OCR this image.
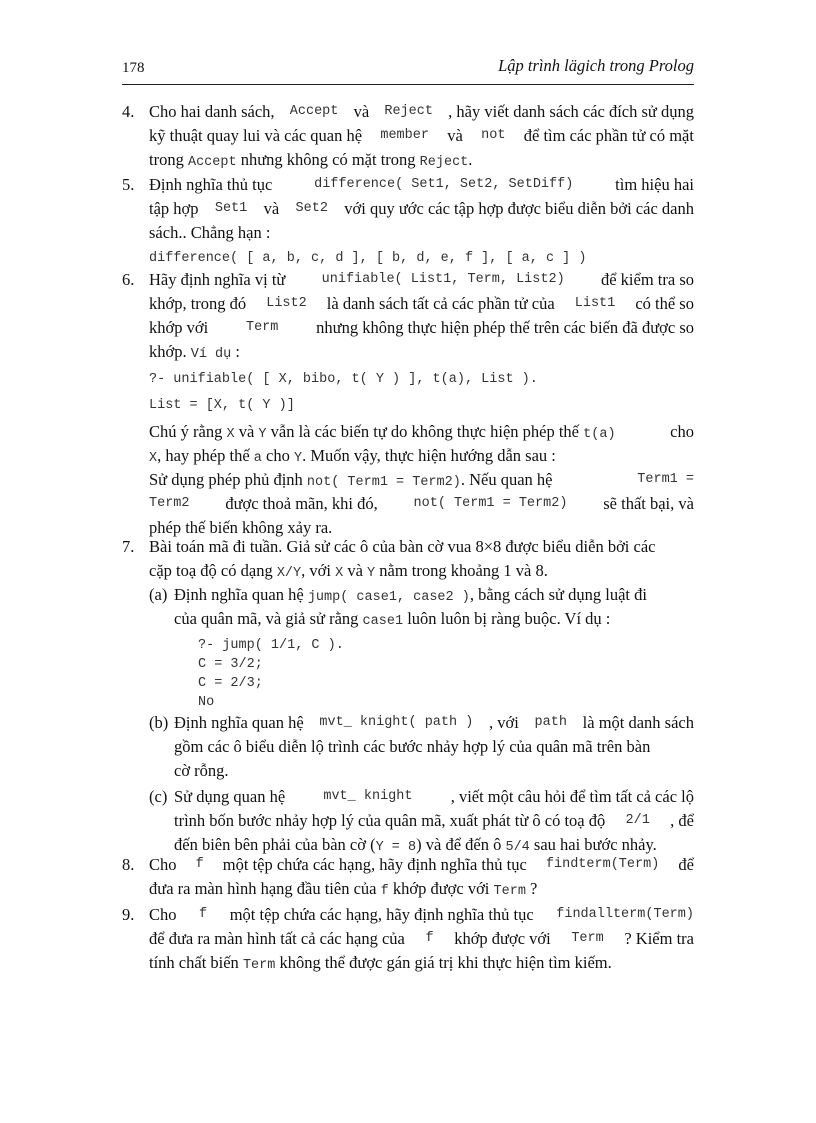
178	Lập trình lägich trong Prolog
4. Cho hai danh sách, Accept và Reject , hãy viết danh sách các đích sử dụng
kỹ thuật quay lui và các quan hệ member và not để tìm các phần tử có mặt
trong Accept nhưng không có mặt trong Reject.
5. Định nghĩa thủ tục	difference( Set1, Set2, SetDiff)	tìm hiệu hai
tập hợp Set1 và Set2 với quy ước các tập hợp được biểu diễn bởi các danh
sách.. Chẳng hạn :
difference( [ a, b, c, d ], [ b, d, e, f ], [ a, c ] )
6. Hãy định nghĩa vị từ	unifiable( List1, Term, List2) để kiểm tra so
khớp, trong đó List2 là danh sách tất cả các phần tử của List1 có thể so
khớp với	Term nhưng không thực hiện phép thế trên các biến đã được so
khớp. Ví dụ :
?- unifiable( [ X, bibo, t( Y ) ], t(a), List ).
List = [X, t( Y )]
Chú ý rằng X và Y vẫn là các biến tự do không thực hiện phép thế t(a)	cho
X, hay phép thế a cho Y. Muốn vậy, thực hiện hướng dẫn sau :
Sử dụng phép phủ định not( Term1 = Term2). Nếu quan hệ	Term1 =
Term2 được thoả mãn, khi đó,	not( Term1 = Term2) sẽ thất bại, và
phép thế biến không xảy ra.
7. Bài toán mã đi tuần. Giả sử các ô của bàn cờ vua 8×8 được biểu diễn bởi các
cặp toạ độ có dạng X/Y, với X và Y nằm trong khoảng 1 và 8.
(a) Định nghĩa quan hệ jump( case1, case2 ), bằng cách sử dụng luật đi
của quân mã, và giả sử rằng case1 luôn luôn bị ràng buộc. Ví dụ :
?- jump( 1/1, C ).
C = 3/2;
C = 2/3;
No
(b) Định nghĩa quan hệ mvt_ knight( path ) , với path là một danh sách
gồm các ô biểu diễn lộ trình các bước nhảy hợp lý của quân mã trên bàn
cờ rỗng.
(c) Sử dụng quan hệ	mvt_ knight , viết một câu hỏi để tìm tất cả các lộ
trình bốn bước nhảy hợp lý của quân mã, xuất phát từ ô có toạ độ 2/1 , để
đến biên bên phải của bàn cờ (Y = 8) và để đến ô 5/4 sau hai bước nhảy.
8. Cho f một tệp chứa các hạng, hãy định nghĩa thủ tục findterm(Term) để
đưa ra màn hình hạng đầu tiên của f khớp được với Term ?
9. Cho f một tệp chứa các hạng, hãy định nghĩa thủ tục findallterm(Term)
để đưa ra màn hình tất cả các hạng của f khớp được với Term ? Kiểm tra
tính chất biến Term không thể được gán giá trị khi thực hiện tìm kiếm.
